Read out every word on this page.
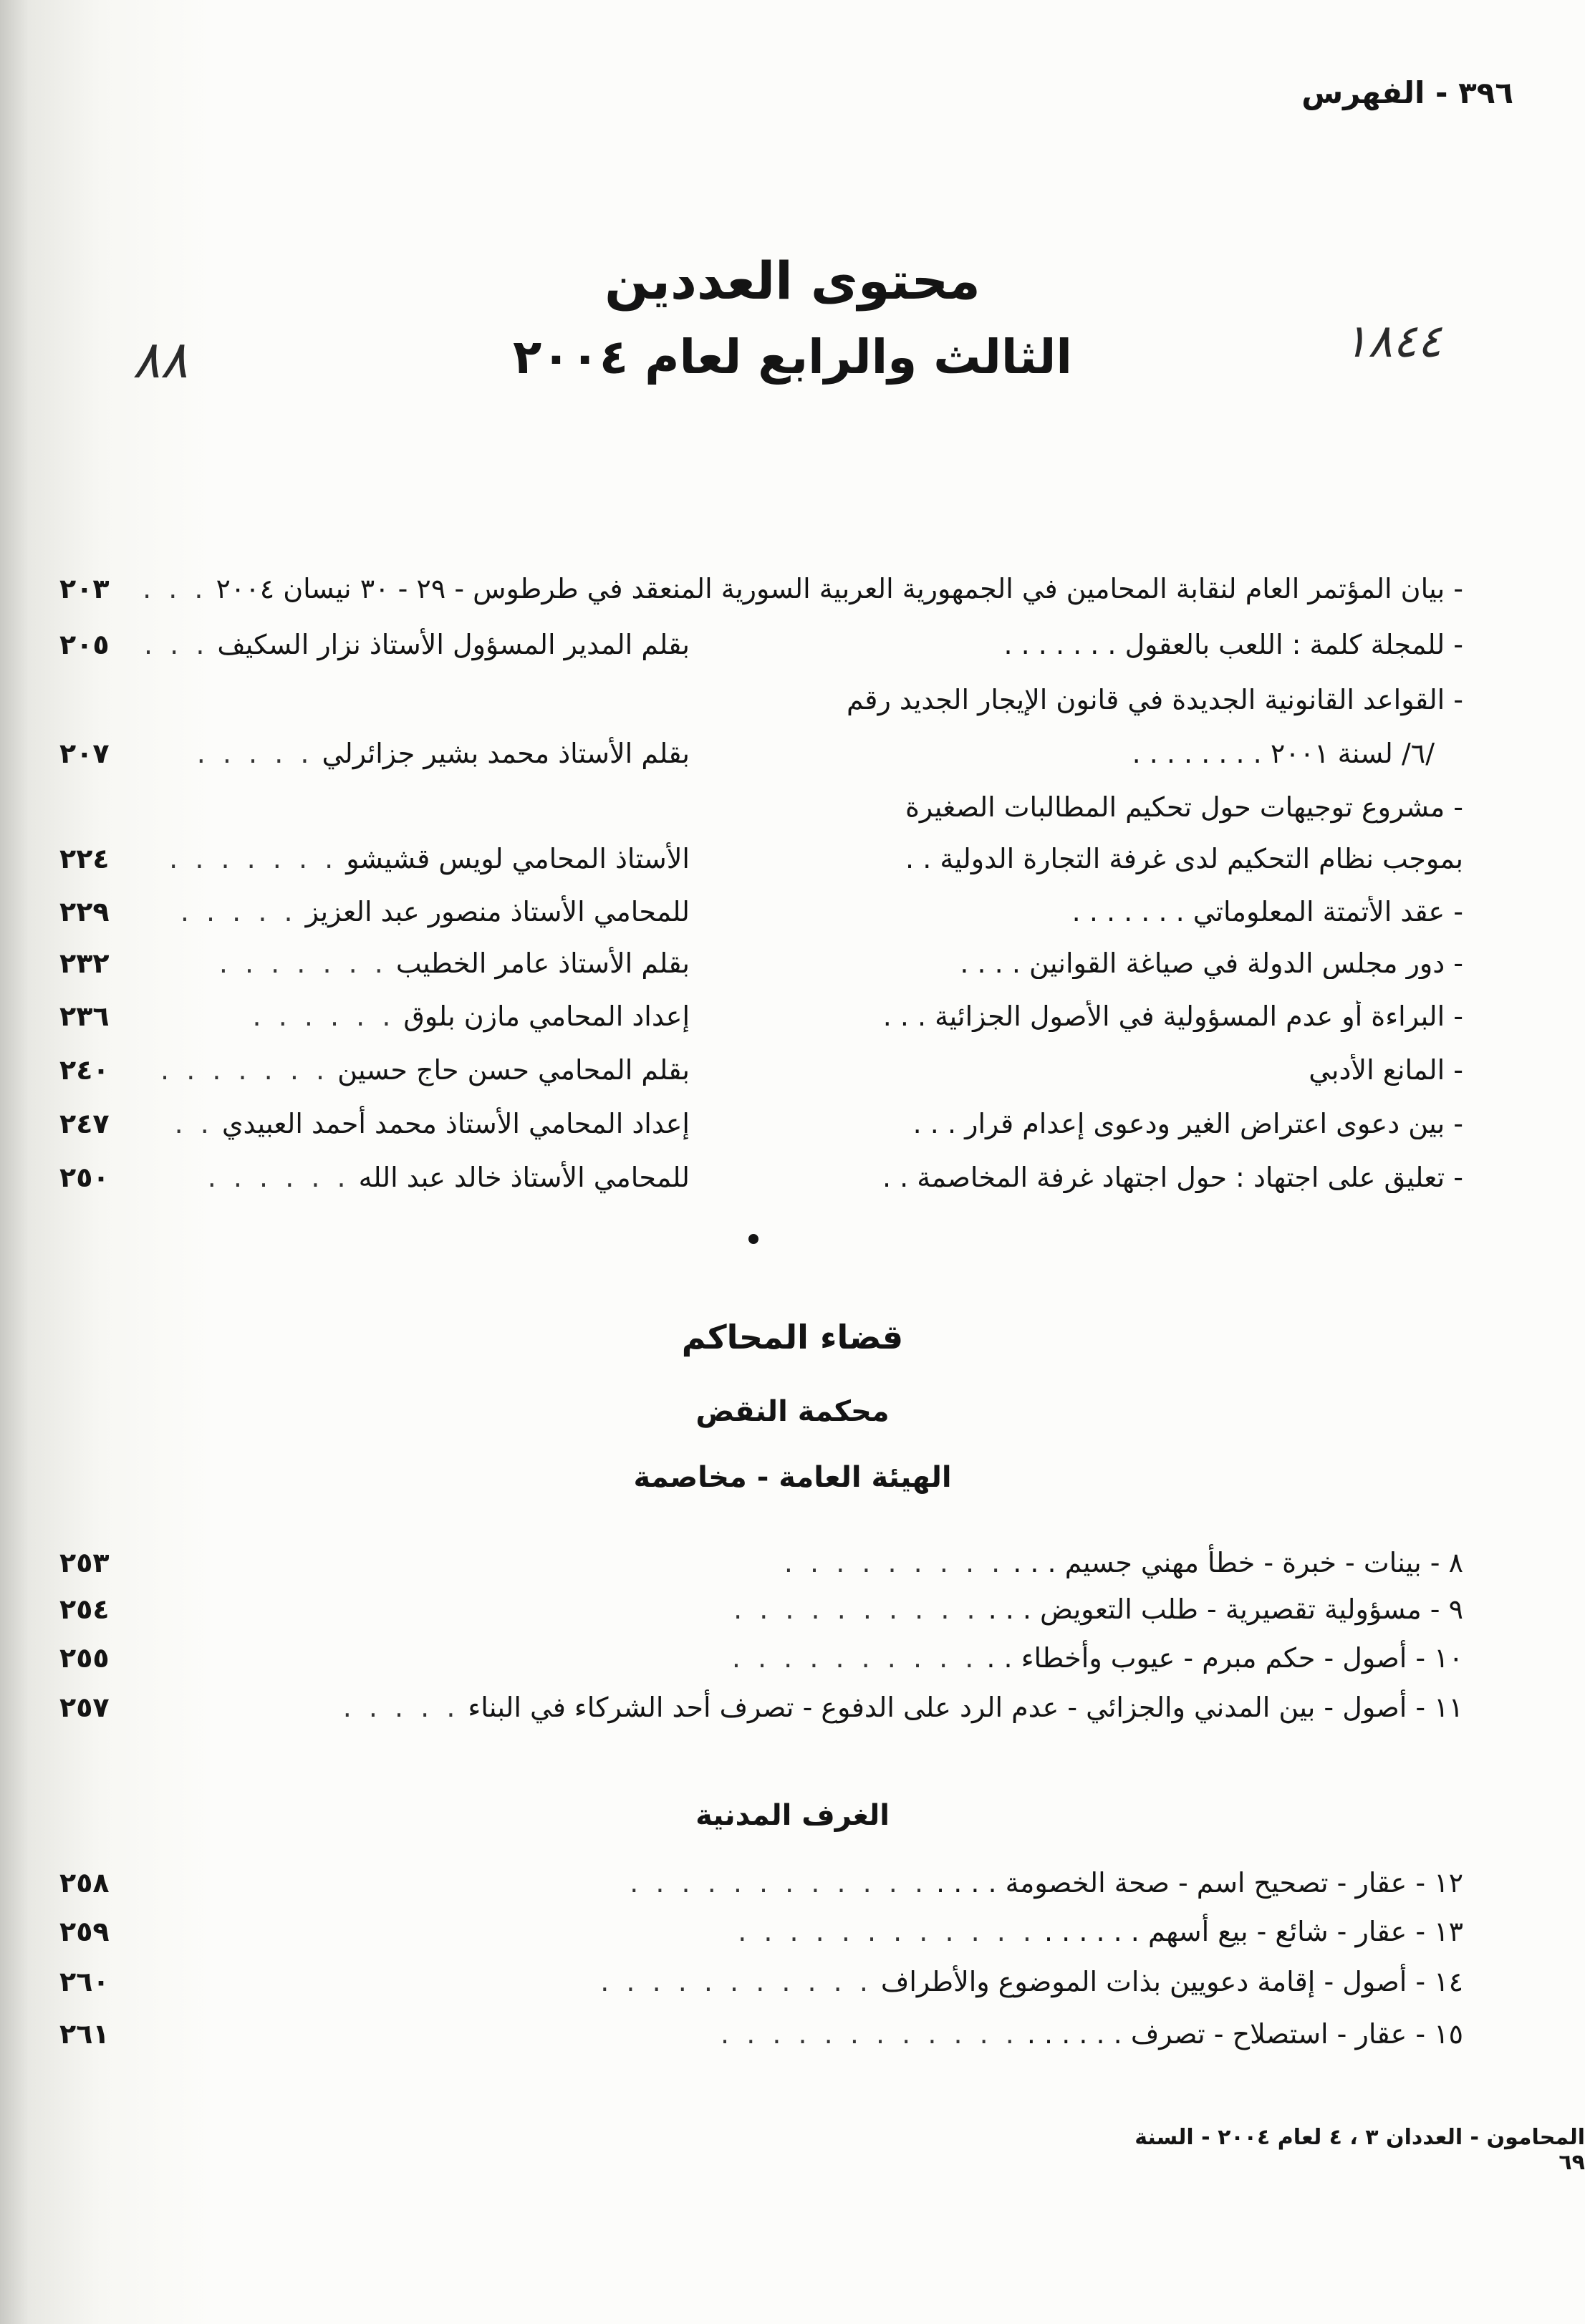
٣٩٦ - الفهرس
١٨٤٤
٨٨
محتوى العددين
الثالث والرابع لعام ٢٠٠٤
- بيان المؤتمر العام لنقابة المحامين في الجمهورية العربية السورية المنعقد في طرطوس - ٢٩ - ٣٠ نيسان ٢٠٠٤
. . .
٢٠٣
- للمجلة كلمة : اللعب بالعقول . . . . . . .
بقلم المدير المسؤول الأستاذ نزار السكيف
. . .
٢٠٥
- القواعد القانونية الجديدة في قانون الإيجار الجديد رقم
/٦/ لسنة ٢٠٠١ . . . . . . . .
بقلم الأستاذ محمد بشير جزائرلي
. . . . .
٢٠٧
- مشروع توجيهات حول تحكيم المطالبات الصغيرة
بموجب نظام التحكيم لدى غرفة التجارة الدولية . .
الأستاذ المحامي لويس قشيشو
. . . . . . .
٢٢٤
- عقد الأتمتة المعلوماتي . . . . . . .
للمحامي الأستاذ منصور عبد العزيز
. . . . .
٢٢٩
- دور مجلس الدولة في صياغة القوانين . . . .
بقلم الأستاذ عامر الخطيب
. . . . . . .
٢٣٢
- البراءة أو عدم المسؤولية في الأصول الجزائية . . .
إعداد المحامي مازن بلوق
. . . . . .
٢٣٦
- المانع الأدبي
بقلم المحامي حسن حاج حسين
. . . . . . .
٢٤٠
- بين دعوى اعتراض الغير ودعوى إعدام قرار . . .
إعداد المحامي الأستاذ محمد أحمد العبيدي
. .
٢٤٧
- تعليق على اجتهاد : حول اجتهاد غرفة المخاصمة . .
للمحامي الأستاذ خالد عبد الله
. . . . . .
٢٥٠
قضاء المحاكم
محكمة النقض
الهيئة العامة - مخاصمة
٨ - بينات - خبرة - خطأ مهني جسيم . . .
. . . . . . . . .
٢٥٣
٩ - مسؤولية تقصيرية - طلب التعويض . . .
. . . . . . . . . .
٢٥٤
١٠ - أصول - حكم مبرم - عيوب وأخطاء . .
. . . . . . . . . .
٢٥٥
١١ - أصول - بين المدني والجزائي - عدم الرد على الدفوع - تصرف أحد الشركاء في البناء
. . . . .
٢٥٧
الغرف المدنية
١٢ - عقار - تصحيح اسم - صحة الخصومة . . . .
. . . . . . . . . . . .
٢٥٨
١٣ - عقار - شائع - بيع أسهم . . . . . .
. . . . . . . . . . . .
٢٥٩
١٤ - أصول - إقامة دعويين بذات الموضوع والأطراف
. . . . . . . . . . .
٢٦٠
١٥ - عقار - استصلاح - تصرف . . . . . .
. . . . . . . . . . . .
٢٦١
المحامون - العددان ٣ ، ٤ لعام ٢٠٠٤ - السنة ٦٩
